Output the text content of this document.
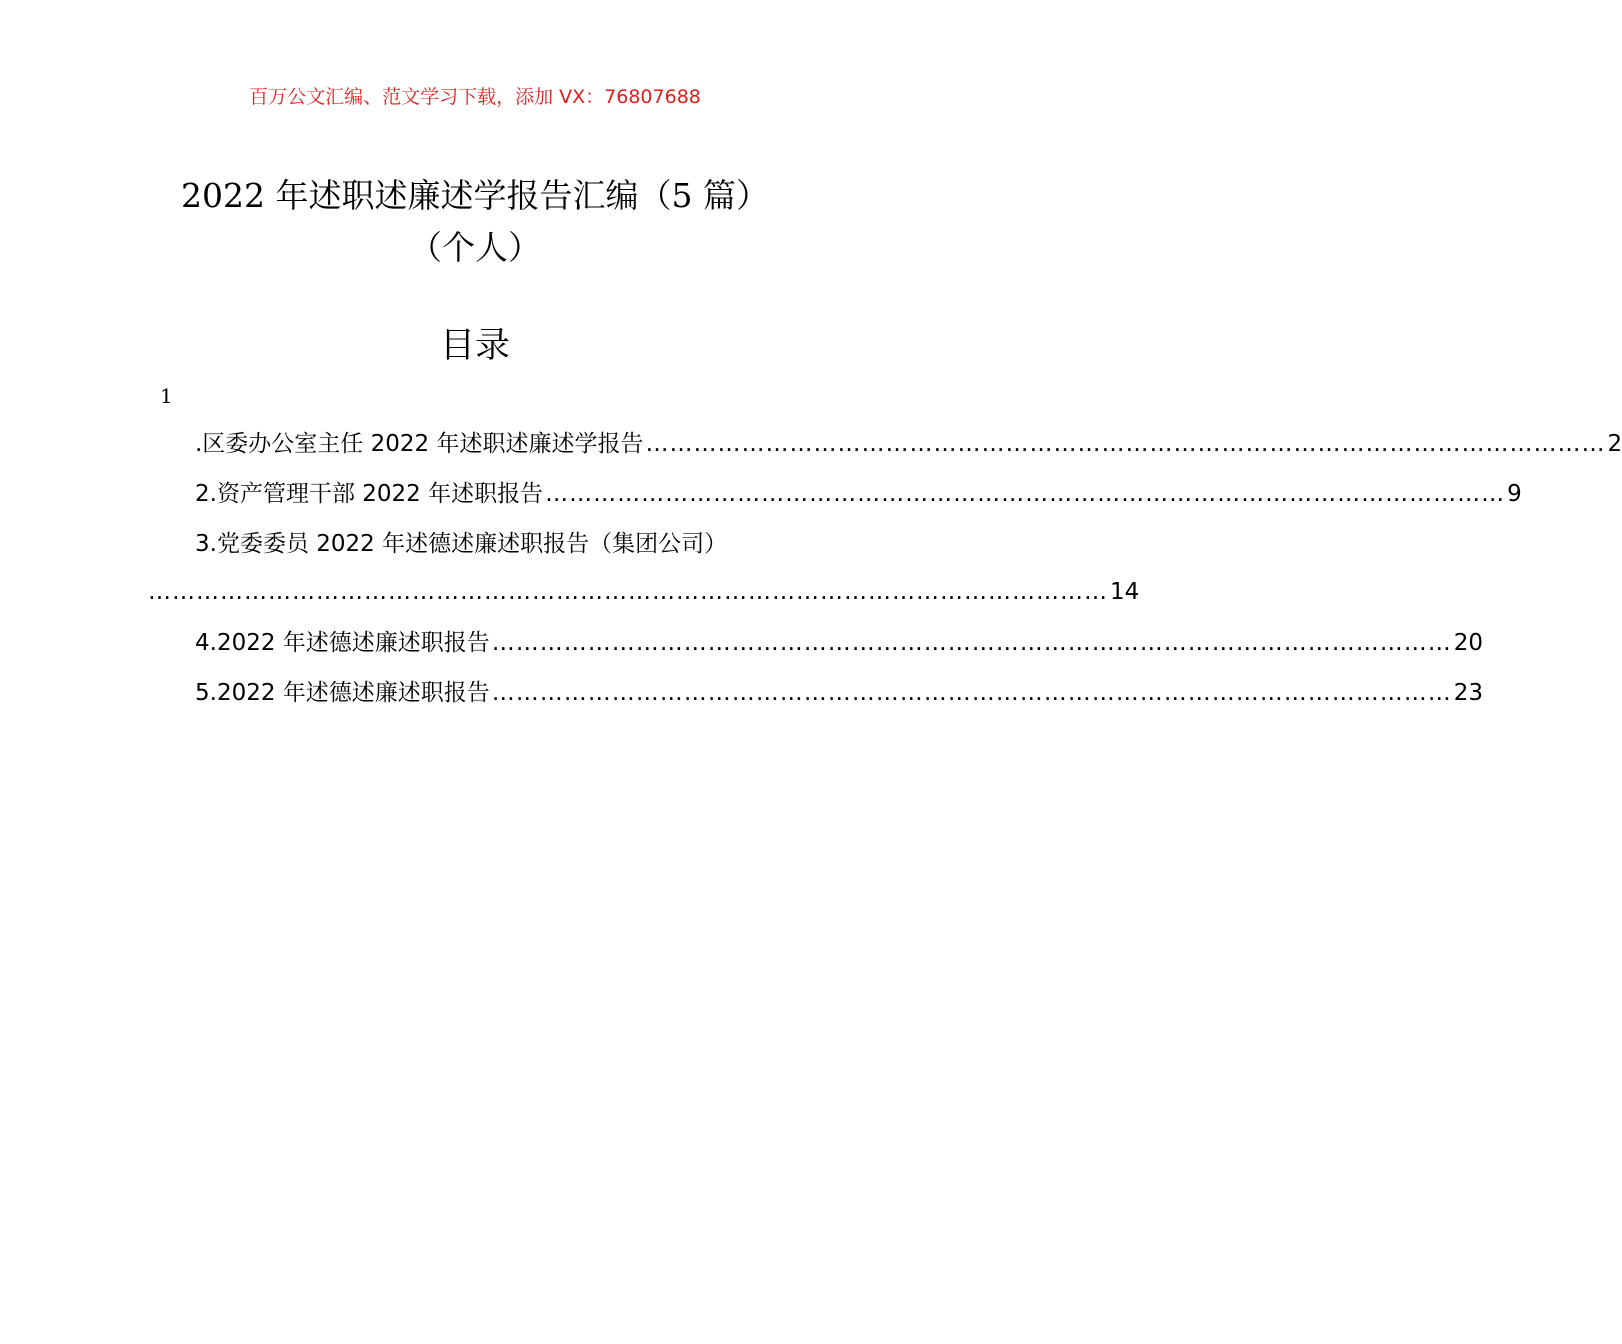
百万公文汇编、范文学习下载，添加 VX：76807688
2022 年述职述廉述学报告汇编（5 篇）
（个人）
目录
1
.区委办公室主任 2022 年述职述廉述学报告 ………………………………………………………………………………………………………… 2
2.资产管理干部 2022 年述职报告 ………………………………………………………………………………………………………… 9
3.党委委员 2022 年述德述廉述职报告（集团公司）
………………………………………………………………………………………………………… 14
4.2022 年述德述廉述职报告 ………………………………………………………………………………………………………… 20
5.2022 年述德述廉述职报告 ………………………………………………………………………………………………………… 23
